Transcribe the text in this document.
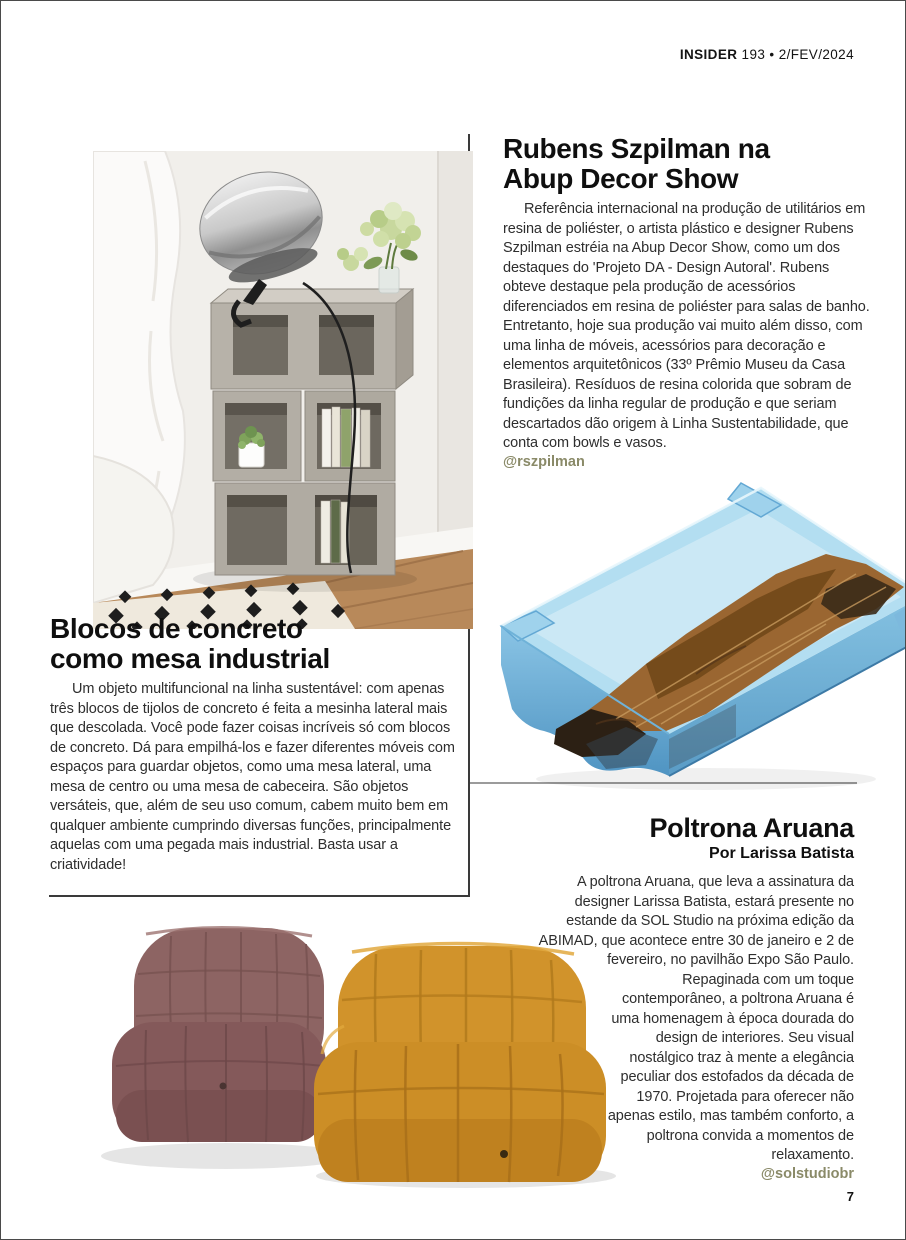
INSIDER 193 • 2/FEV/2024
Rubens Szpilman na
Abup Decor Show

Referência internacional na produção de utilitários em resina de poliéster, o artista plástico e designer Rubens Szpilman estréia na Abup Decor Show, como um dos destaques do 'Projeto DA - Design Autoral'. Rubens obteve destaque pela produção de acessórios diferenciados em resina de poliéster para salas de banho. Entretanto, hoje sua produção vai muito além disso, com uma linha de móveis, acessórios para decoração e elementos arquitetônicos (33º Prêmio Museu da Casa Brasileira). Resíduos de resina colorida que sobram de fundições da linha regular de produção e que seriam descartados dão origem à Linha Sustentabilidade, que conta com bowls e vasos.

@rszpilman
Blocos de concreto
como mesa industrial

Um objeto multifuncional na linha sustentável: com apenas três blocos de tijolos de concreto é feita a mesinha lateral mais que descolada. Você pode fazer coisas incríveis só com blocos de concreto. Dá para empilhá-los e fazer diferentes móveis com espaços para guardar objetos, como uma mesa lateral, uma mesa de centro ou uma mesa de cabeceira. São objetos versáteis, que, além de seu uso comum, cabem muito bem em qualquer ambiente cumprindo diversas funções, principalmente aquelas com uma pegada mais industrial. Basta usar a criatividade!

Poltrona Aruana
Por Larissa Batista

A poltrona Aruana, que leva a assinatura da designer Larissa Batista, estará presente no estande da SOL Studio na próxima edição da ABIMAD, que acontece entre 30 de janeiro e 2 de fevereiro, no pavilhão Expo São Paulo. Repaginada com um toque contemporâneo, a poltrona Aruana é uma homenagem à época dourada do design de interiores. Seu visual nostálgico traz à mente a elegância peculiar dos estofados da década de 1970. Projetada para oferecer não apenas estilo, mas também conforto, a poltrona convida a momentos de relaxamento.

@solstudiobr
7
